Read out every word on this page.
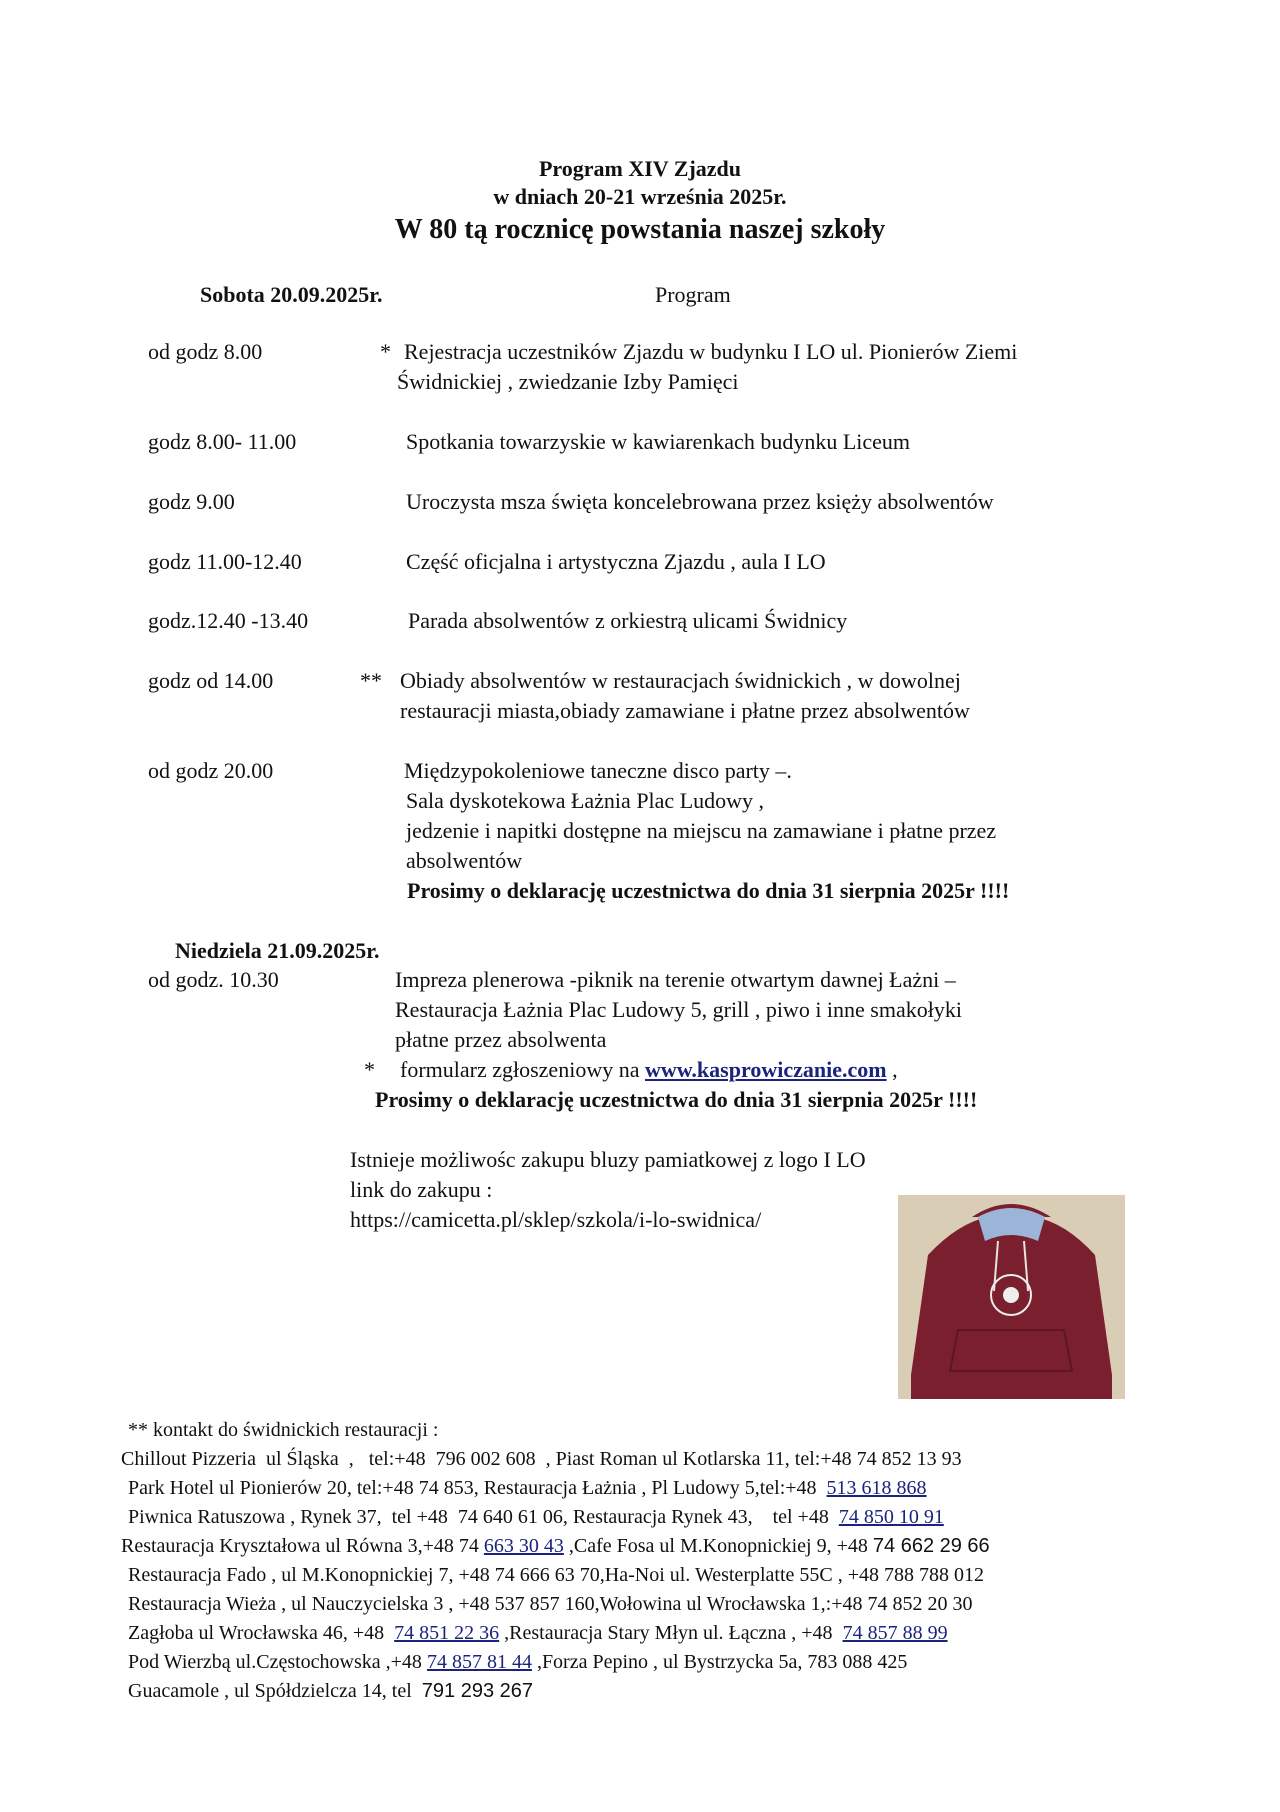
Program XIV Zjazdu
w dniach 20-21 września 2025r.
W 80 tą rocznicę powstania naszej szkoły
Sobota 20.09.2025r.	Program
od godz 8.00	* Rejestracja uczestników Zjazdu w budynku I LO ul. Pionierów Ziemi
Świdnickiej , zwiedzanie Izby Pamięci
godz 8.00- 11.00	Spotkania towarzyskie w kawiarenkach budynku Liceum
godz 9.00	Uroczysta msza święta koncelebrowana przez księży absolwentów
godz 11.00-12.40	Część oficjalna i artystyczna Zjazdu , aula I LO
godz.12.40 -13.40	Parada absolwentów z orkiestrą ulicami Świdnicy
godz od 14.00	** Obiady absolwentów w restauracjach świdnickich , w dowolnej
restauracji miasta,obiady zamawiane i płatne przez absolwentów
od godz 20.00	Międzypokoleniowe taneczne disco party –.
Sala dyskotekowa Łażnia Plac Ludowy ,
jedzenie i napitki dostępne na miejscu na zamawiane i płatne przez
absolwentów
Prosimy o deklarację uczestnictwa do dnia 31 sierpnia 2025r !!!!
Niedziela 21.09.2025r.
od godz. 10.30	Impreza plenerowa -piknik na terenie otwartym dawnej Łażni –
Restauracja Łażnia Plac Ludowy 5, grill , piwo i inne smakołyki
płatne przez absolwenta
* formularz zgłoszeniowy na www.kasprowiczanie.com ,
Prosimy o deklarację uczestnictwa do dnia 31 sierpnia 2025r !!!!
Istnieje możliwośc zakupu bluzy pamiatkowej z logo I LO
link do zakupu :
https://camicetta.pl/sklep/szkola/i-lo-swidnica/
** kontakt do świdnickich restauracji :
Chillout Pizzeria  ul Śląska  ,   tel:+48  796 002 608  , Piast Roman ul Kotlarska 11, tel:+48 74 852 13 93
Park Hotel ul Pionierów 20, tel:+48 74 853, Restauracja Łażnia , Pl Ludowy 5,tel:+48  513 618 868
Piwnica Ratuszowa , Rynek 37,  tel +48  74 640 61 06, Restauracja Rynek 43,    tel +48  74 850 10 91
Restauracja Kryształowa ul Równa 3,+48 74 663 30 43 ,Cafe Fosa ul M.Konopnickiej 9, +48 74 662 29 66
Restauracja Fado , ul M.Konopnickiej 7, +48 74 666 63 70,Ha-Noi ul. Westerplatte 55C , +48 788 788 012
Restauracja Wieża , ul Nauczycielska 3 , +48 537 857 160,Wołowina ul Wrocławska 1,:+48 74 852 20 30
Zagłoba ul Wrocławska 46, +48  74 851 22 36 ,Restauracja Stary Młyn ul. Łączna , +48  74 857 88 99
Pod Wierzbą ul.Częstochowska ,+48 74 857 81 44 ,Forza Pepino , ul Bystrzycka 5a, 783 088 425
Guacamole , ul Spółdzielcza 14, tel  791 293 267
